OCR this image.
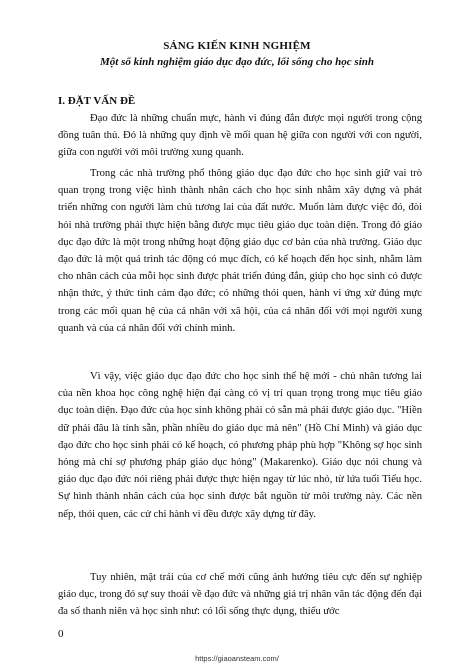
SÁNG KIẾN KINH NGHIỆM
Một số kinh nghiệm giáo dục đạo đức, lối sống cho học sinh
I. ĐẶT VẤN ĐỀ

Đạo đức là những chuẩn mực, hành vi đúng đắn được mọi người trong cộng đồng tuân thủ. Đó là những quy định về mối quan hệ giữa con người với con người, giữa con người với môi trường xung quanh.

Trong các nhà trường phổ thông giáo dục đạo đức cho học sinh giữ vai trò quan trọng trong việc hình thành nhân cách cho học sinh nhằm xây dựng và phát triển những con người làm chủ tương lai của đất nước. Muốn làm được việc đó, đòi hỏi nhà trường phải thực hiện bằng được mục tiêu giáo dục toàn diện. Trong đó giáo dục đạo đức là một trong những hoạt động giáo dục cơ bản của nhà trường. Giáo dục đạo đức là một quá trình tác động có mục đích, có kế hoạch đến học sinh, nhằm làm cho nhân cách của mỗi học sinh được phát triển đúng đắn, giúp cho học sinh có được nhận thức, ý thức tình cảm đạo đức; có những thói quen, hành vi ứng xử đúng mực trong các mối quan hệ của cá nhân với xã hội, của cá nhân đối với mọi người xung quanh và của cá nhân đối với chính mình.

Vì vậy, việc giáo dục đạo đức cho học sinh thế hệ mới - chủ nhân tương lai của nền khoa học công nghệ hiện đại càng có vị trí quan trọng trong mục tiêu giáo dục toàn diện. Đạo đức của học sinh không phải có sẵn mà phải được giáo dục. "Hiền dữ phải đâu là tính sẵn, phần nhiều do giáo dục mà nên" (Hồ Chí Minh) và giáo dục đạo đức cho học sinh phải có kế hoạch, có phương pháp phù hợp "Không sợ học sinh hỏng mà chỉ sợ phương pháp giáo dục hỏng" (Makarenko). Giáo dục nói chung và giáo dục đạo đức nói riêng phải được thực hiện ngay từ lúc nhỏ, từ lứa tuổi Tiểu học. Sự hình thành nhân cách của học sinh được bắt nguồn từ môi trường này. Các nền nếp, thói quen, các cử chỉ hành vi đều được xây dựng từ đây.

Tuy nhiên, mặt trái của cơ chế mới cũng ảnh hưởng tiêu cực đến sự nghiệp giáo dục, trong đó sự suy thoái về đạo đức và những giá trị nhân văn tác động đến đại đa số thanh niên và học sinh như: có lối sống thực dụng, thiếu ước

0
https://giaoansteam.com/
